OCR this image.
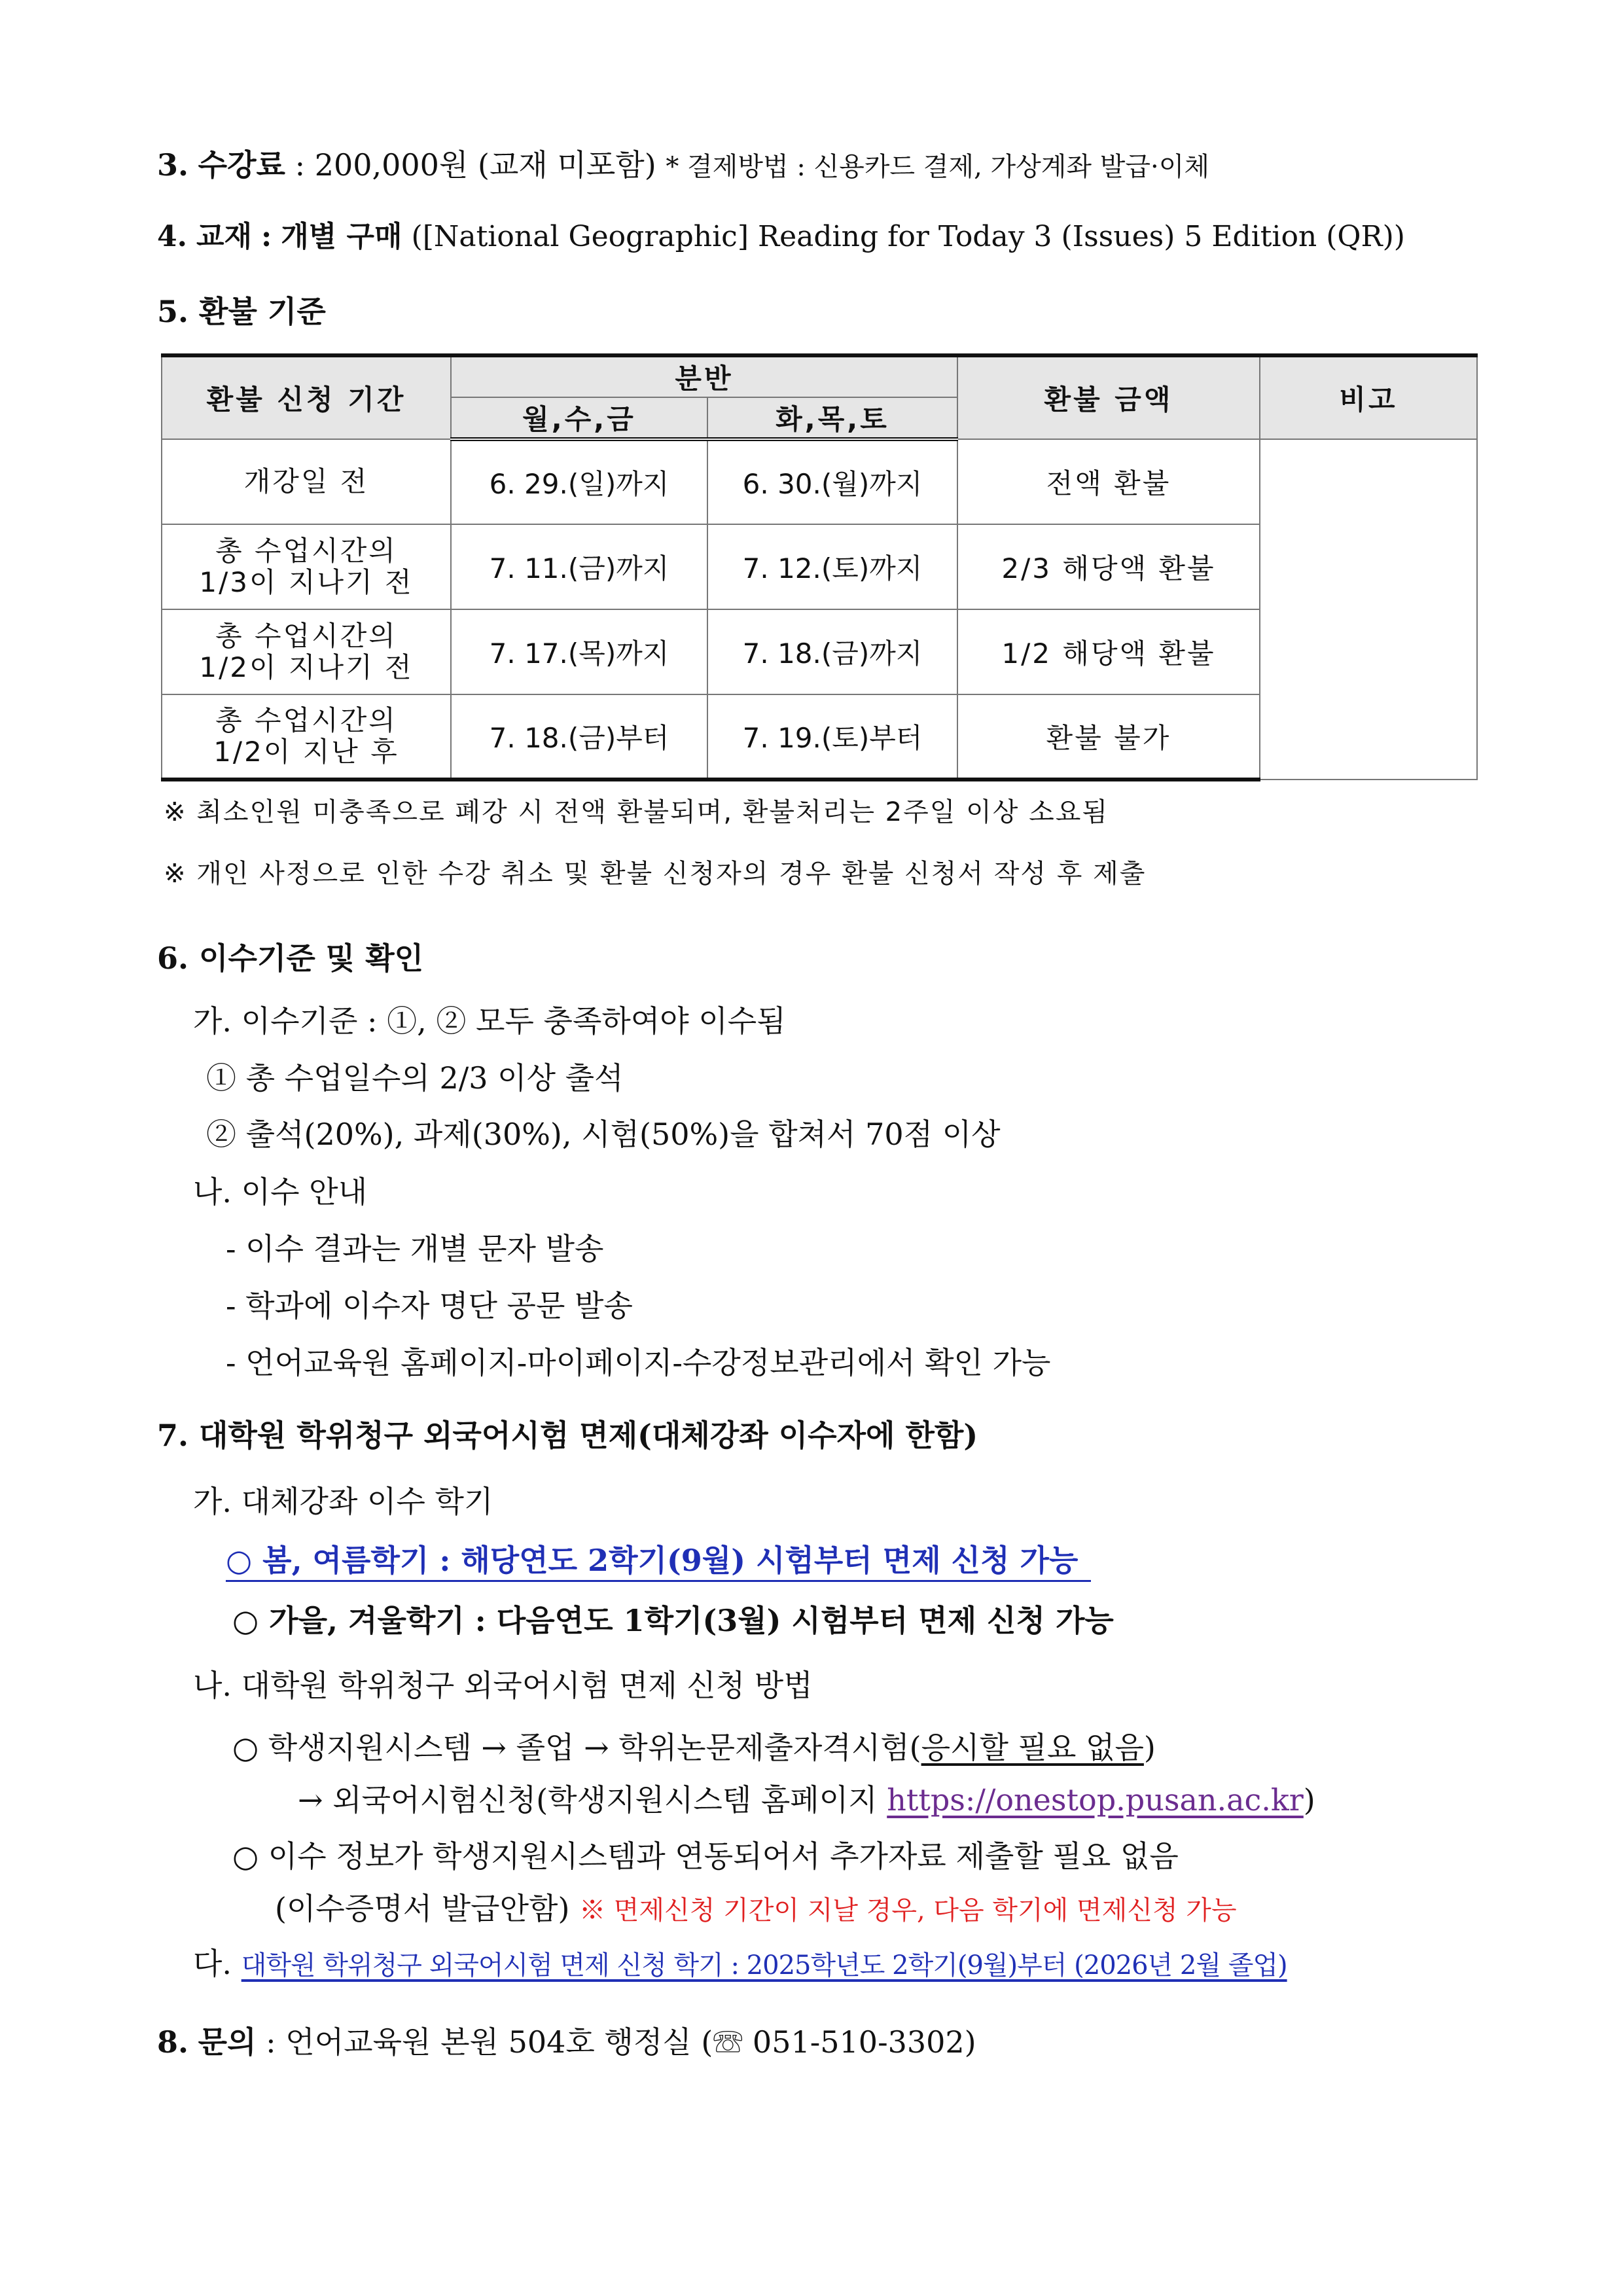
3. 수강료 : 200,000원 (교재 미포함) * 결제방법 : 신용카드 결제, 가상계좌 발급·이체
4. 교재 : 개별 구매 ([National Geographic] Reading for Today 3 (Issues) 5 Edition (QR))
5. 환불 기준
환불 신청 기간	분반		환불 금액	비고
	월,수,금	화,목,토		
개강일 전	6. 29.(일)까지	6. 30.(월)까지	전액 환불	

총 수업시간의
1/3이 지나기 전	7. 11.(금)까지	7. 12.(토)까지	2/3 해당액 환불	

총 수업시간의
1/2이 지나기 전	7. 17.(목)까지	7. 18.(금)까지	1/2 해당액 환불	

총 수업시간의
1/2이 지난 후	7. 18.(금)부터	7. 19.(토)부터	환불 불가	
※ 최소인원 미충족으로 폐강 시 전액 환불되며, 환불처리는 2주일 이상 소요됨
※ 개인 사정으로 인한 수강 취소 및 환불 신청자의 경우 환불 신청서 작성 후 제출
6. 이수기준 및 확인
가. 이수기준 : ①, ② 모두 충족하여야 이수됨
① 총 수업일수의 2/3 이상 출석
② 출석(20%), 과제(30%), 시험(50%)을 합쳐서 70점 이상
나. 이수 안내
- 이수 결과는 개별 문자 발송
- 학과에 이수자 명단 공문 발송
- 언어교육원 홈페이지-마이페이지-수강정보관리에서 확인 가능
7. 대학원 학위청구 외국어시험 면제(대체강좌 이수자에 한함)
가. 대체강좌 이수 학기
○ 봄, 여름학기 : 해당연도 2학기(9월) 시험부터 면제 신청 가능
○ 가을, 겨울학기 : 다음연도 1학기(3월) 시험부터 면제 신청 가능
나. 대학원 학위청구 외국어시험 면제 신청 방법
○ 학생지원시스템 → 졸업 → 학위논문제출자격시험(응시할 필요 없음)
→ 외국어시험신청(학생지원시스템 홈페이지 https://onestop.pusan.ac.kr)
○ 이수 정보가 학생지원시스템과 연동되어서 추가자료 제출할 필요 없음
(이수증명서 발급안함) ※ 면제신청 기간이 지날 경우, 다음 학기에 면제신청 가능
다. 대학원 학위청구 외국어시험 면제 신청 학기 : 2025학년도 2학기(9월)부터 (2026년 2월 졸업)
8. 문의 : 언어교육원 본원 504호 행정실 (☏ 051-510-3302)
